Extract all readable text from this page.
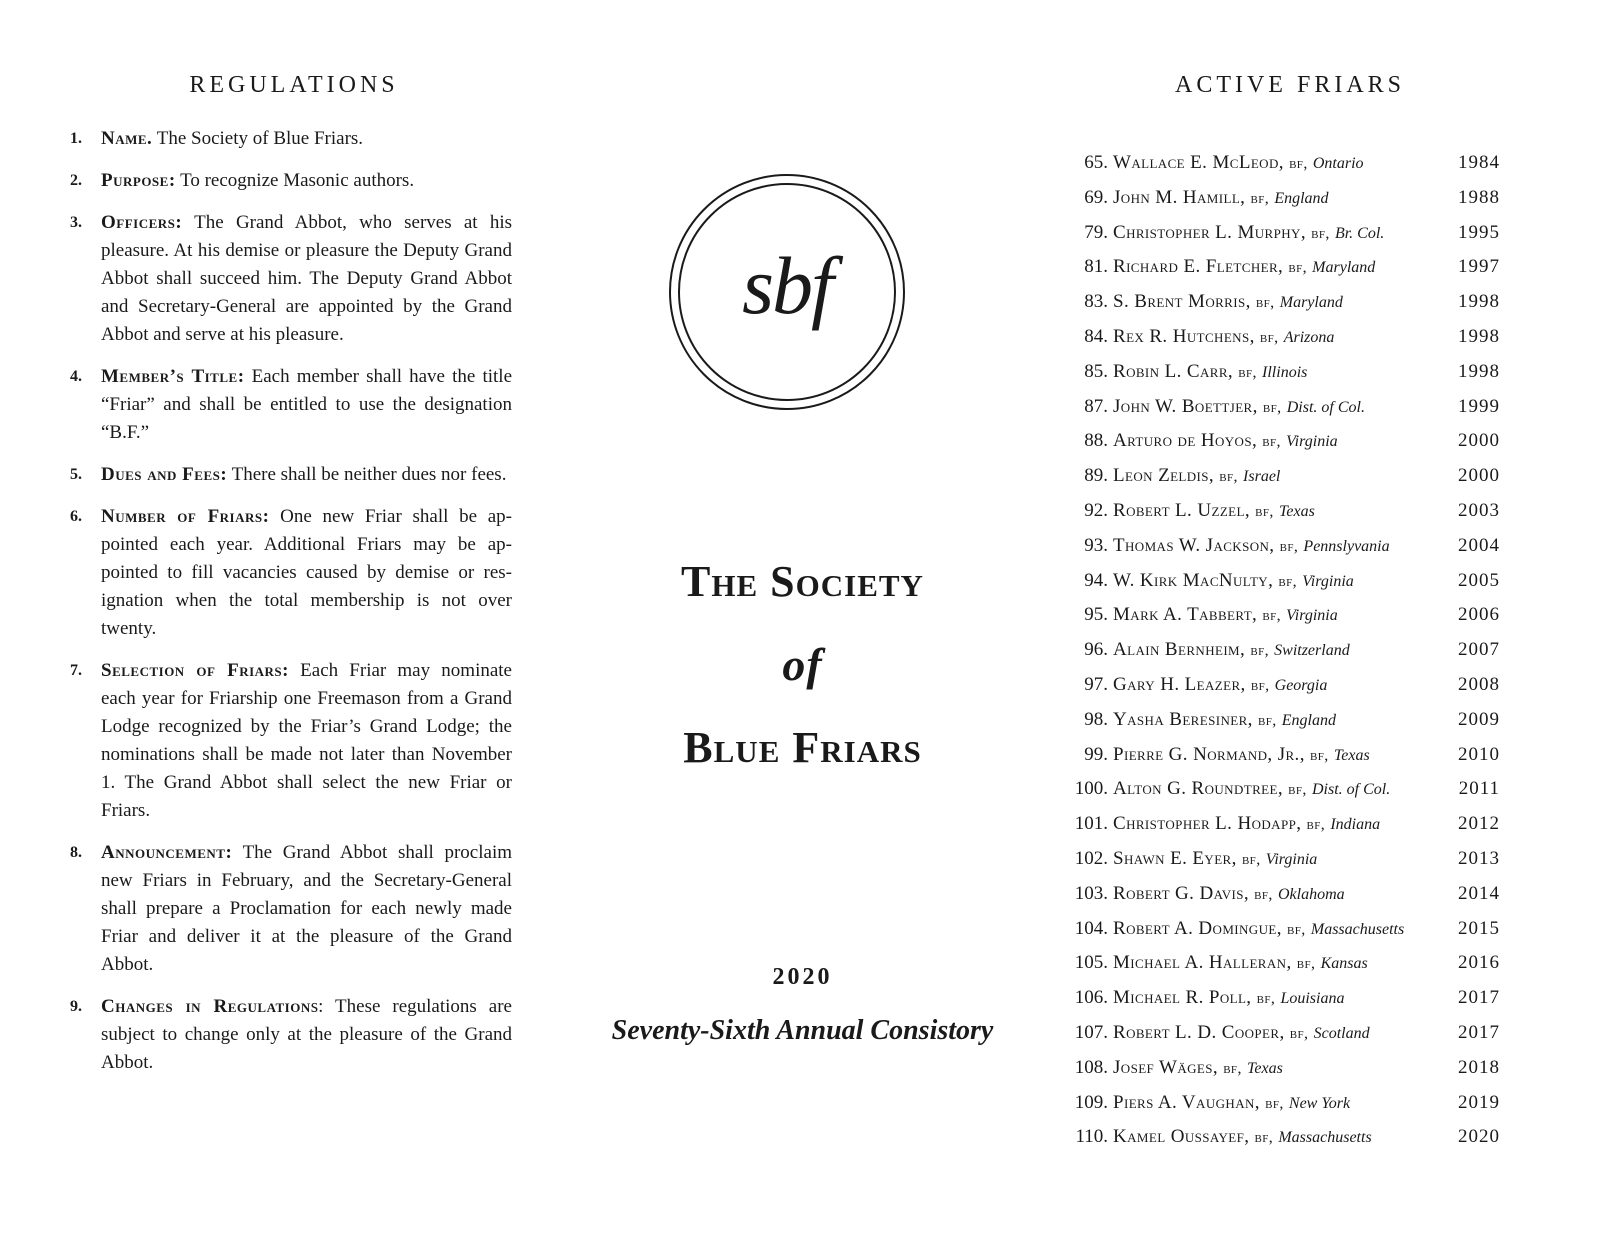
REGULATIONS
1. Name. The Society of Blue Friars.
2. Purpose: To recognize Masonic authors.
3. Officers: The Grand Abbot, who serves at his pleasure. At his demise or pleasure the Deputy Grand Abbot shall succeed him. The Deputy Grand Abbot and Secretary-General are appointed by the Grand Abbot and serve at his pleasure.
4. Member’s Title: Each member shall have the title “Friar” and shall be entitled to use the designation “B.F.”
5. Dues and Fees: There shall be neither dues nor fees.
6. Number of Friars: One new Friar shall be appointed each year. Additional Friars may be appointed to fill vacancies caused by demise or resignation when the total membership is not over twenty.
7. Selection of Friars: Each Friar may nominate each year for Friarship one Freemason from a Grand Lodge recognized by the Friar’s Grand Lodge; the nominations shall be made not later than November 1. The Grand Abbot shall select the new Friar or Friars.
8. Announcement: The Grand Abbot shall proclaim new Friars in February, and the Secretary-General shall prepare a Proclamation for each newly made Friar and deliver it at the pleasure of the Grand Abbot.
9. Changes in Regulations: These regulations are subject to change only at the pleasure of the Grand Abbot.
sbf
The Society
of
Blue Friars
2020
Seventy-Sixth Annual Consistory
ACTIVE FRIARS
65. Wallace E. McLeod, bf, Ontario	1984
69. John M. Hamill, bf, England	1988
79. Christopher L. Murphy, bf, Br. Col.	1995
81. Richard E. Fletcher, bf, Maryland	1997
83. S. Brent Morris, bf, Maryland	1998
84. Rex R. Hutchens, bf, Arizona	1998
85. Robin L. Carr, bf, Illinois	1998
87. John W. Boettjer, bf, Dist. of Col.	1999
88. Arturo de Hoyos, bf, Virginia	2000
89. Leon Zeldis, bf, Israel	2000
92. Robert L. Uzzel, bf, Texas	2003
93. Thomas W. Jackson, bf, Pennslyvania	2004
94. W. Kirk MacNulty, bf, Virginia	2005
95. Mark A. Tabbert, bf, Virginia	2006
96. Alain Bernheim, bf, Switzerland	2007
97. Gary H. Leazer, bf, Georgia	2008
98. Yasha Beresiner, bf, England	2009
99. Pierre G. Normand, Jr., bf, Texas	2010
100. Alton G. Roundtree, bf, Dist. of Col.	2011
101. Christopher L. Hodapp, bf, Indiana	2012
102. Shawn E. Eyer, bf, Virginia	2013
103. Robert G. Davis, bf, Oklahoma	2014
104. Robert A. Domingue, bf, Massachusetts	2015
105. Michael A. Halleran, bf, Kansas	2016
106. Michael R. Poll, bf, Louisiana	2017
107. Robert L. D. Cooper, bf, Scotland	2017
108. Josef Wäges, bf, Texas	2018
109. Piers A. Vaughan, bf, New York	2019
110. Kamel Oussayef, bf, Massachusetts	2020
